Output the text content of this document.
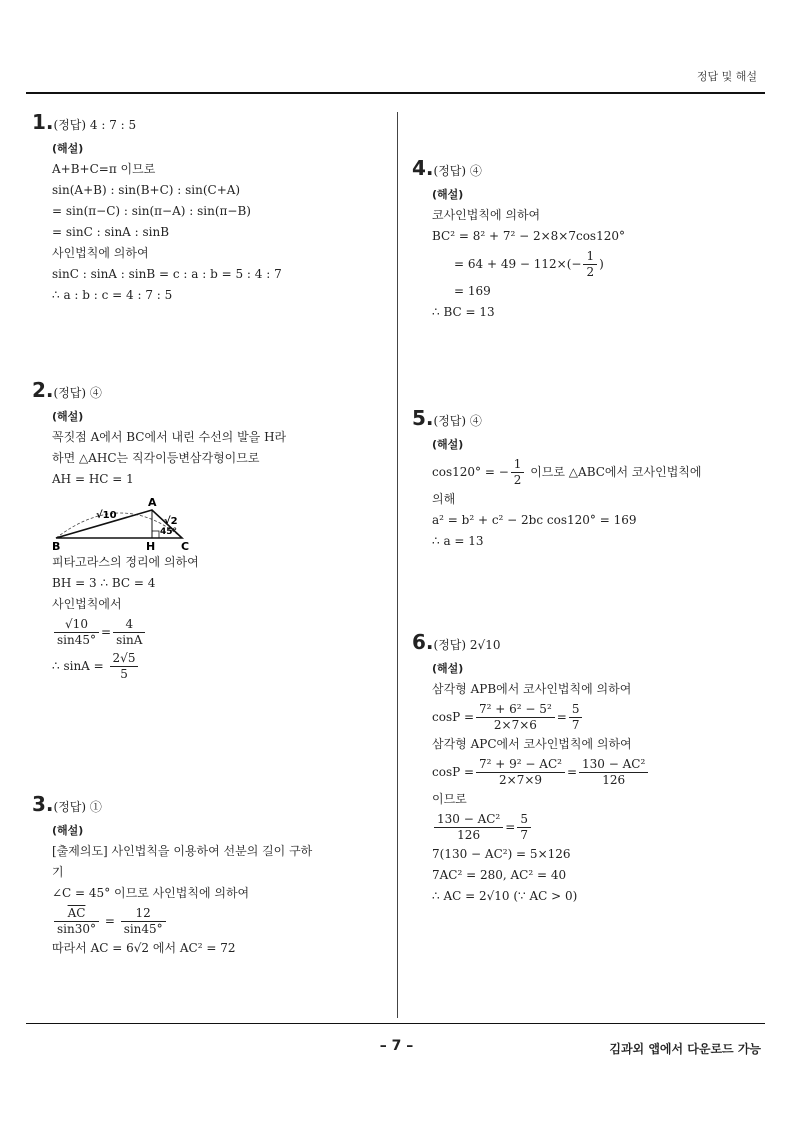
정답 및 해설
1.(정답) 4 : 7 : 5
(해설)
A+B+C=π 이므로
sin(A+B) : sin(B+C) : sin(C+A)
= sin(π−C) : sin(π−A) : sin(π−B)
= sinC : sinA : sinB
사인법칙에 의하여
sinC : sinA : sinB = c : a : b = 5 : 4 : 7
∴ a : b : c = 4 : 7 : 5
2.(정답) ④
(해설)
꼭짓점 A에서 BC에서 내린 수선의 발을 H라
하면 △AHC는 직각이등변삼각형이므로
AH = HC = 1
B
A
C
H
√10
√2
45°
피타고라스의 정리에 의하여
BH = 3 ∴ BC = 4
사인법칙에서
$\frac{√10}{\sin 45^\circ} = \frac{4}{\sin A}$
∴ $\sin A = \frac{2√5}{5}$
3.(정답) ①
(해설)
[출제의도] 사인법칙을 이용하여 선분의 길이 구하
기
∠C = 45° 이므로 사인법칙에 의하여
$\frac{\overline{AC}}{\sin 30^\circ} = \frac{12}{\sin 45^\circ}$
따라서 AC = 6√2 에서 AC² = 72
4.(정답) ④
(해설)
코사인법칙에 의하여
BC² = 8² + 7² − 2×8×7cos120°
= $64 + 49 - 112\times(- \frac{1}{2}$ )
= 169
∴ BC = 13
5.(정답) ④
(해설)
cos120° = − $\frac{1}{2}$ 이므로 △ABC에서 코사인법칙에
의해
a² = b² + c² − 2bc cos120° = 169
∴ a = 13
6.(정답) 2√10
(해설)
삼각형 APB에서 코사인법칙에 의하여
$\cos P = \frac{\text{7² + 6² − 5²}}{2\times 7\times 6} = \frac{5}{7}$
삼각형 APC에서 코사인법칙에 의하여
$\cos P = \frac{\text{7² + 9² − AC²}}{2\times 7\times 9} = \frac{\text{130 − AC²}}{126}$
이므로
$\frac{\text{130 − AC²}}{126} = \frac{5}{7}$
7(130 − AC²) = 5×126
7AC² = 280, AC² = 40
∴ AC = 2√10 (∵ AC > 0)
– 7 –	김과외 앱에서 다운로드 가능
